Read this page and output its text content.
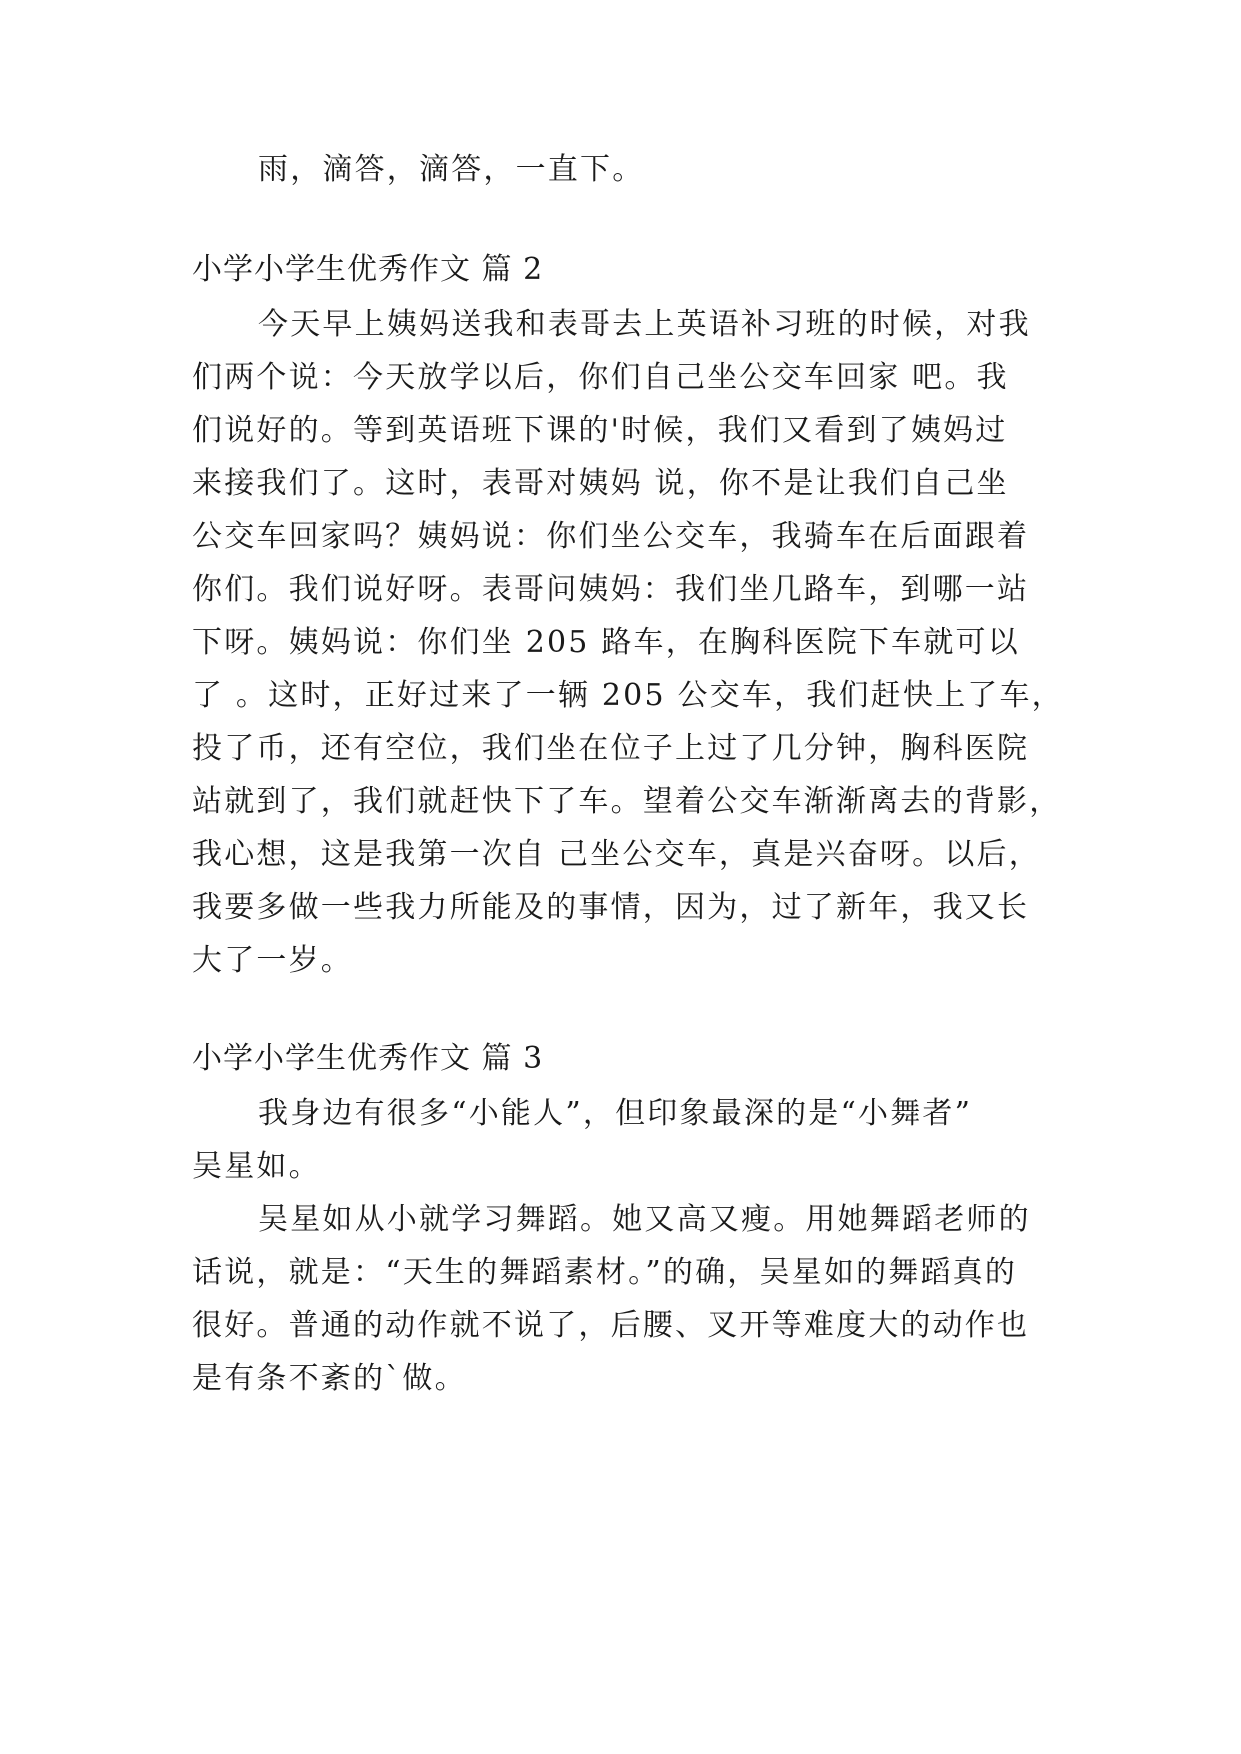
雨，滴答，滴答，一直下。
小学小学生优秀作文 篇 2
今天早上姨妈送我和表哥去上英语补习班的时候，对我
们两个说：今天放学以后，你们自己坐公交车回家 吧。我
们说好的。等到英语班下课的'时候，我们又看到了姨妈过
来接我们了。这时，表哥对姨妈 说，你不是让我们自己坐
公交车回家吗？姨妈说：你们坐公交车，我骑车在后面跟着
你们。我们说好呀。表哥问姨妈：我们坐几路车，到哪一站
下呀。姨妈说：你们坐 205 路车，在胸科医院下车就可以
了 。这时，正好过来了一辆 205 公交车，我们赶快上了车，
投了币，还有空位，我们坐在位子上过了几分钟，胸科医院
站就到了，我们就赶快下了车。望着公交车渐渐离去的背影，
我心想，这是我第一次自 己坐公交车，真是兴奋呀。以后，
我要多做一些我力所能及的事情，因为，过了新年，我又长
大了一岁。
小学小学生优秀作文 篇 3
我身边有很多“小能人”，但印象最深的是“小舞者”
吴星如。
吴星如从小就学习舞蹈。她又高又瘦。用她舞蹈老师的
话说，就是：“天生的舞蹈素材。”的确，吴星如的舞蹈真的
很好。普通的动作就不说了，后腰、叉开等难度大的动作也
是有条不紊的`做。
